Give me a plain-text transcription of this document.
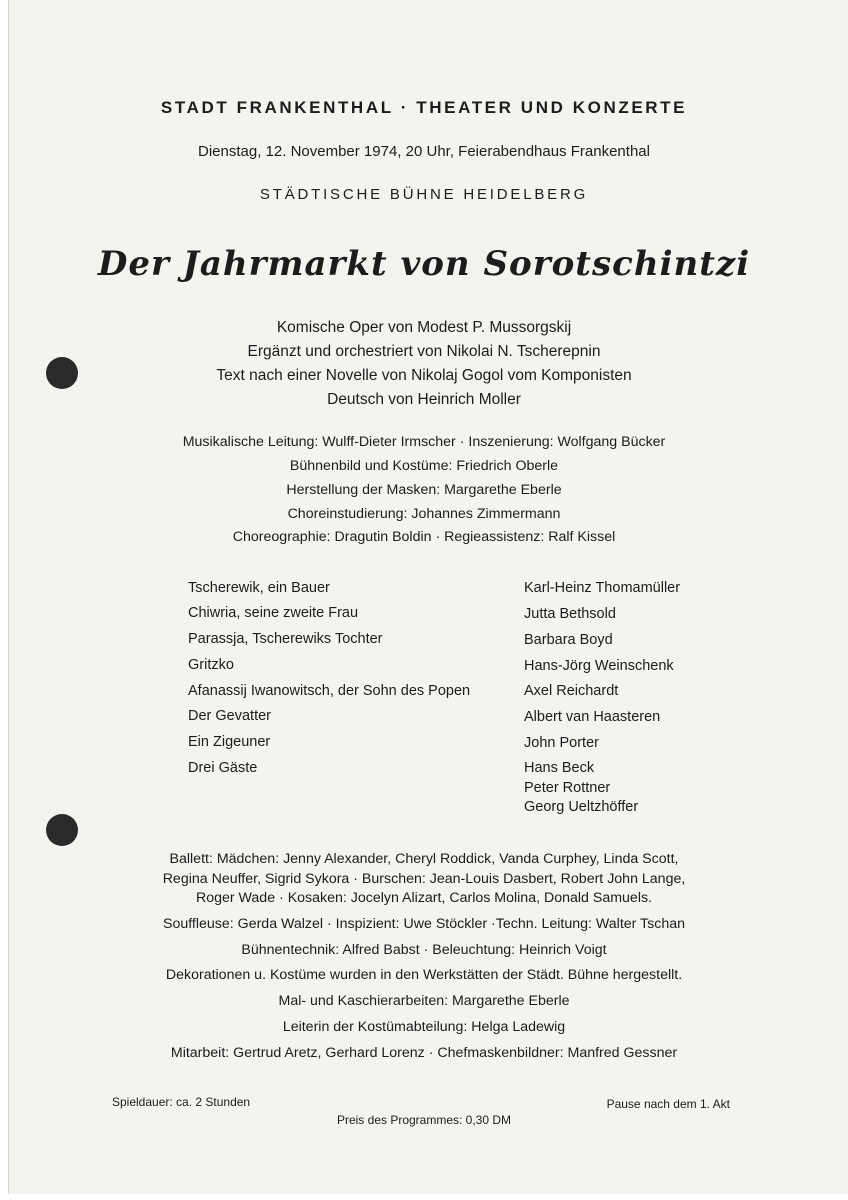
STADT FRANKENTHAL · THEATER UND KONZERTE
Dienstag, 12. November 1974, 20 Uhr, Feierabendhaus Frankenthal
STÄDTISCHE BÜHNE HEIDELBERG
Der Jahrmarkt von Sorotschintzi
Komische Oper von Modest P. Mussorgskij
Ergänzt und orchestriert von Nikolai N. Tscherepnin
Text nach einer Novelle von Nikolaj Gogol vom Komponisten
Deutsch von Heinrich Moller
Musikalische Leitung: Wulff-Dieter Irmscher · Inszenierung: Wolfgang Bücker
Bühnenbild und Kostüme: Friedrich Oberle
Herstellung der Masken: Margarethe Eberle
Choreinstudierung: Johannes Zimmermann
Choreographie: Dragutin Boldin · Regieassistenz: Ralf Kissel
Tscherewik, ein Bauer	Karl-Heinz Thomamüller
Chiwria, seine zweite Frau	Jutta Bethsold
Parassja, Tscherewiks Tochter	Barbara Boyd
Gritzko	Hans-Jörg Weinschenk
Afanassij Iwanowitsch, der Sohn des Popen	Axel Reichardt
Der Gevatter	Albert van Haasteren
Ein Zigeuner	John Porter
Drei Gäste	Hans Beck
Peter Rottner
Georg Ueltzhöffer
Ballett: Mädchen: Jenny Alexander, Cheryl Roddick, Vanda Curphey, Linda Scott,
Regina Neuffer, Sigrid Sykora · Burschen: Jean-Louis Dasbert, Robert John Lange,
Roger Wade · Kosaken: Jocelyn Alizart, Carlos Molina, Donald Samuels.
Souffleuse: Gerda Walzel · Inspizient: Uwe Stöckler ·Techn. Leitung: Walter Tschan
Bühnentechnik: Alfred Babst · Beleuchtung: Heinrich Voigt
Dekorationen u. Kostüme wurden in den Werkstätten der Städt. Bühne hergestellt.
Mal- und Kaschierarbeiten: Margarethe Eberle
Leiterin der Kostümabteilung: Helga Ladewig
Mitarbeit: Gertrud Aretz, Gerhard Lorenz · Chefmaskenbildner: Manfred Gessner
Spieldauer: ca. 2 Stunden	Pause nach dem 1. Akt
Preis des Programmes: 0,30 DM
